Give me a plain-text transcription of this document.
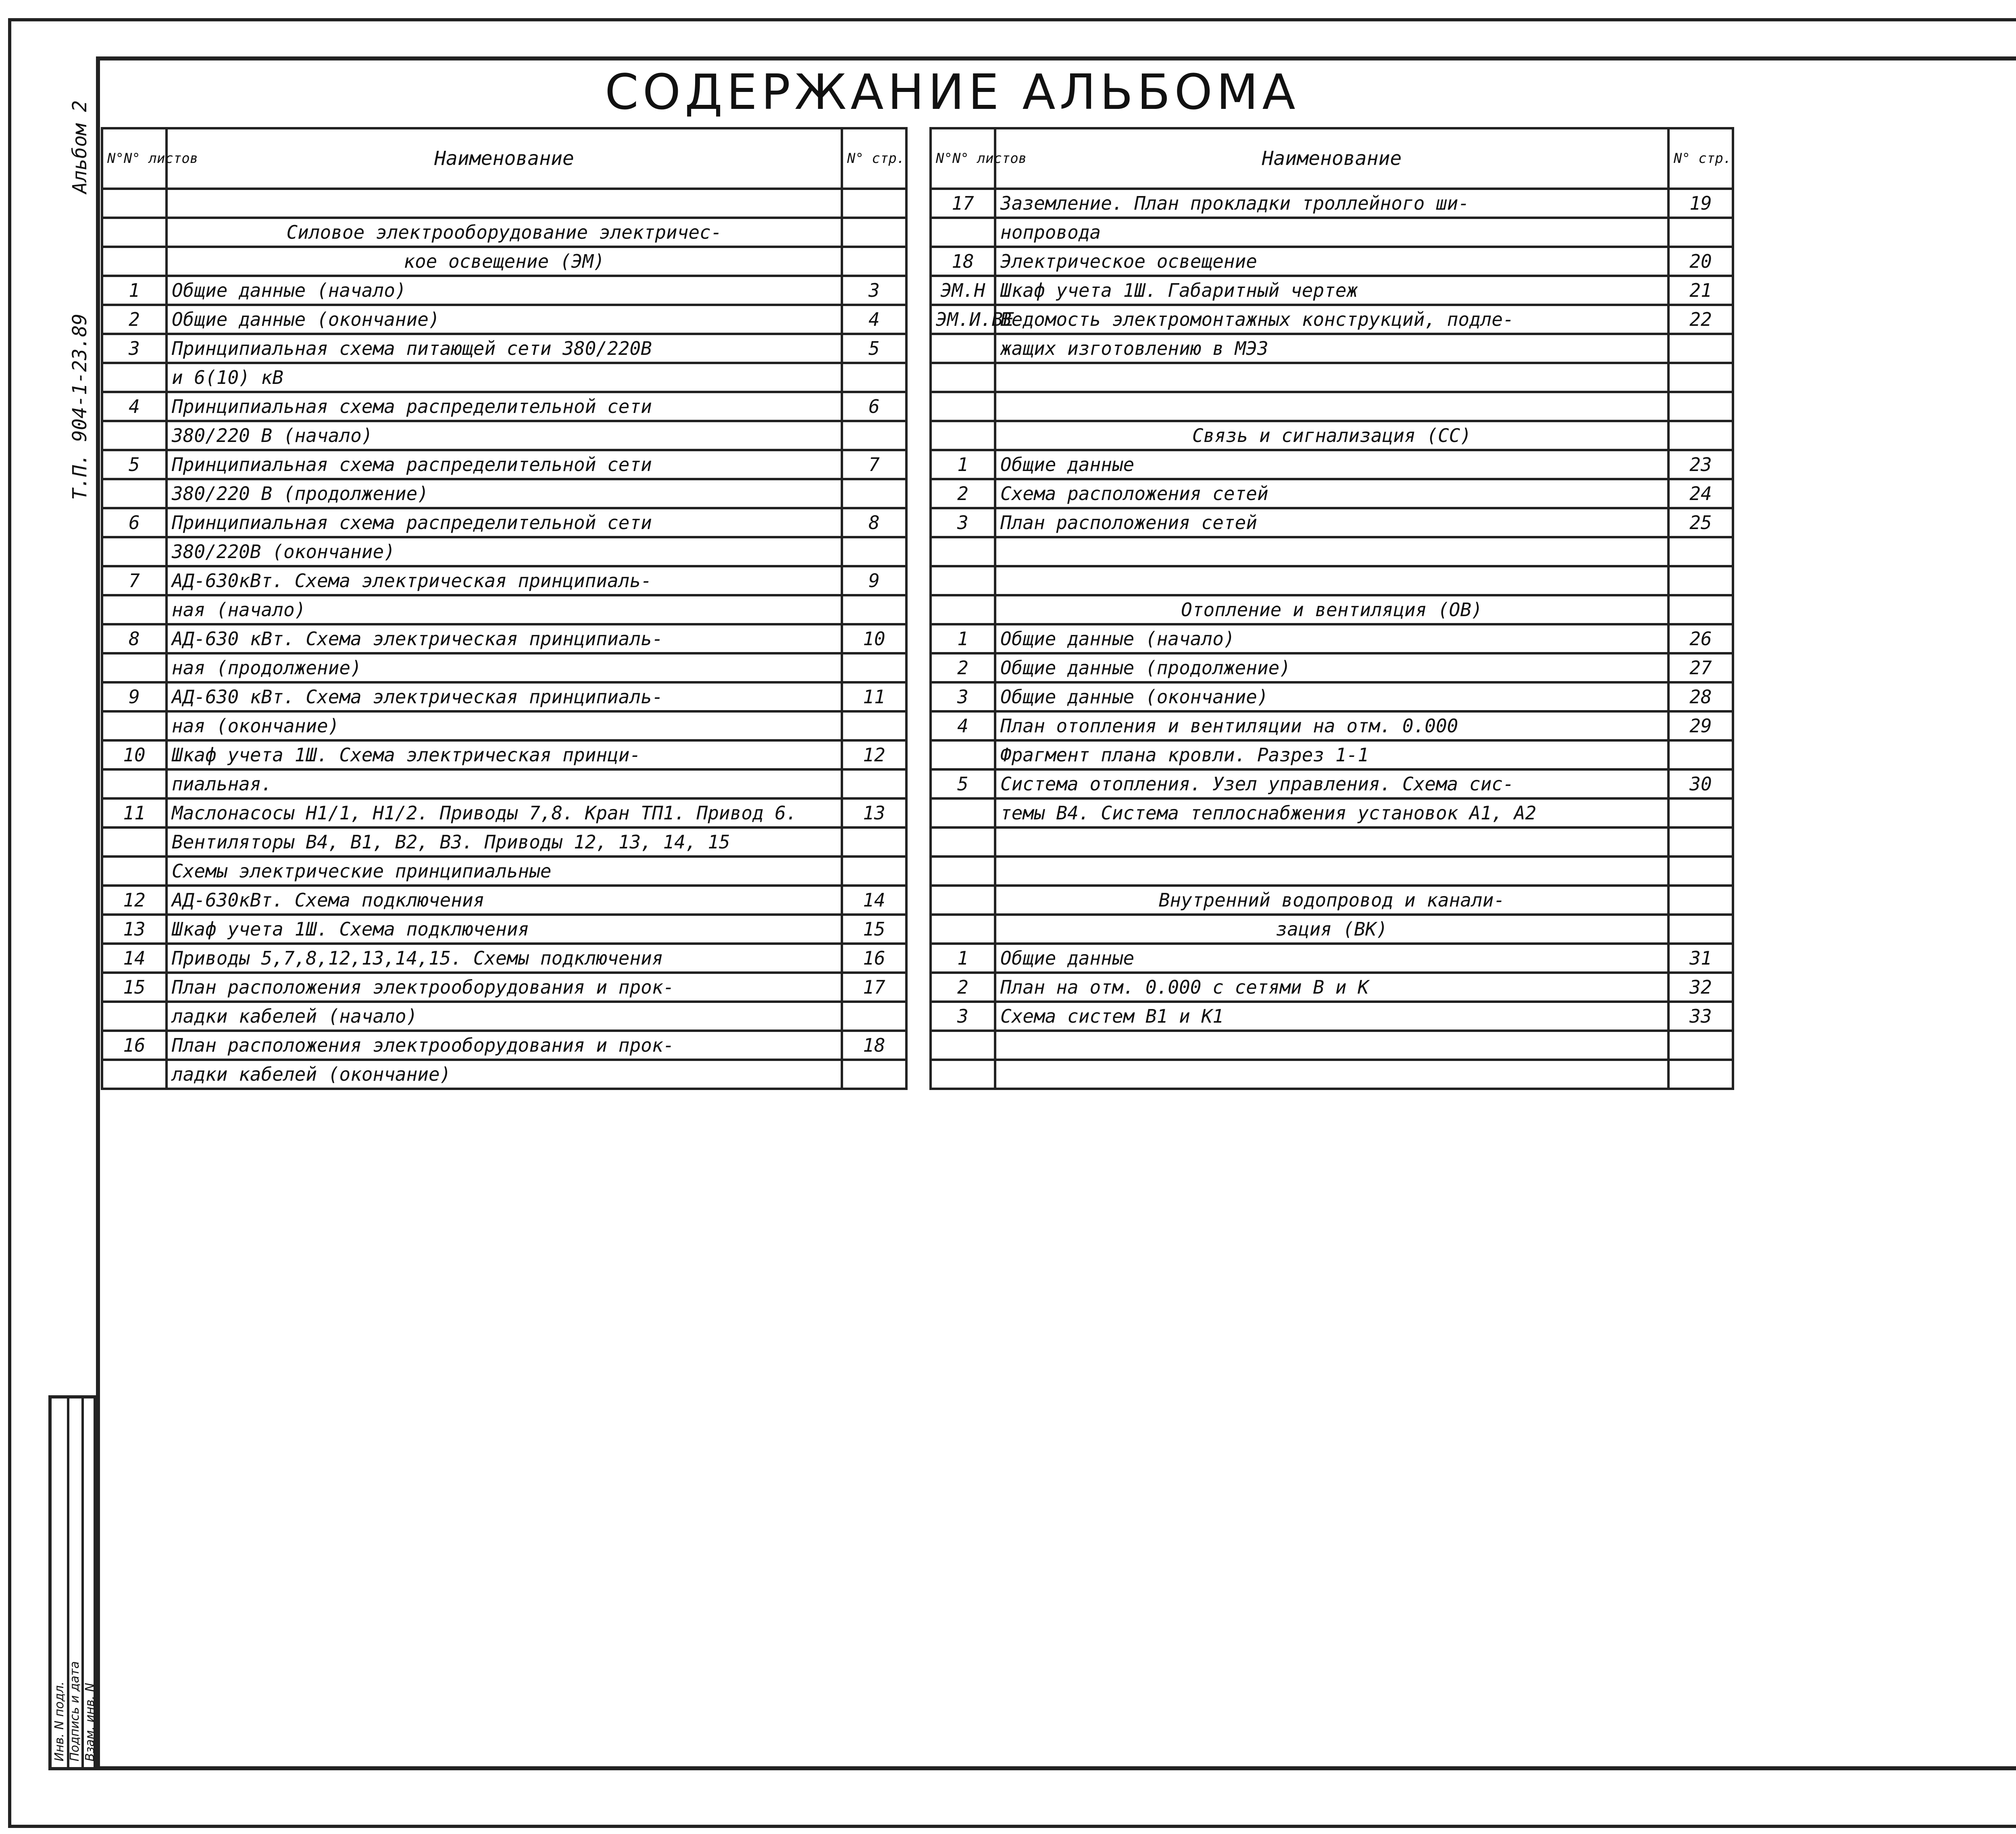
СОДЕРЖАНИЕ АЛЬБОМА
Альбом 2
Т.П. 904-1-23.89
Инв. N подл. Подпись и дата Взам. инв. N
N°N° листов	Наименование	N° стр.

	Силовое электрооборудование электричес-	
	кое освещение (ЭМ)	
1	Общие данные (начало)	3
2	Общие данные (окончание)	4
3	Принципиальная схема питающей сети 380/220В	5
	и 6(10) кВ	
4	Принципиальная схема распределительной сети	6
	380/220 В (начало)	
5	Принципиальная схема распределительной сети	7
	380/220 В (продолжение)	
6	Принципиальная схема распределительной сети	8
	380/220В (окончание)	
7	АД-630кВт. Схема электрическая принципиаль-	9
	ная (начало)	
8	АД-630 кВт. Схема электрическая принципиаль-	10
	ная (продолжение)	
9	АД-630 кВт. Схема электрическая принципиаль-	11
	ная (окончание)	
10	Шкаф учета 1Ш. Схема электрическая принци-	12
	пиальная.	
11	Маслонасосы Н1/1, Н1/2. Приводы 7,8. Кран ТП1. Привод 6.	13
	Вентиляторы В4, В1, В2, В3. Приводы 12, 13, 14, 15	
	Схемы электрические принципиальные	
12	АД-630кВт. Схема подключения	14
13	Шкаф учета 1Ш. Схема подключения	15
14	Приводы 5,7,8,12,13,14,15. Схемы подключения	16
15	План расположения электрооборудования и прок-	17
	ладки кабелей (начало)	
16	План расположения электрооборудования и прок-	18
	ладки кабелей (окончание)	
N°N° листов	Наименование	N° стр.
17	Заземление. План прокладки троллейного ши-	19
	нопровода	
18	Электрическое освещение	20
ЭМ.Н	Шкаф учета 1Ш. Габаритный чертеж	21
ЭМ.И.ВЕ	Ведомость электромонтажных конструкций, подле-	22
	жащих изготовлению в МЭЗ	

	Связь и сигнализация (СС)	
1	Общие данные	23
2	Схема расположения сетей	24
3	План расположения сетей	25

	Отопление и вентиляция (ОВ)	
1	Общие данные (начало)	26
2	Общие данные (продолжение)	27
3	Общие данные (окончание)	28
4	План отопления и вентиляции на отм. 0.000	29
	Фрагмент плана кровли. Разрез 1-1	
5	Система отопления. Узел управления. Схема сис-	30
	темы В4. Система теплоснабжения установок А1, А2	

	Внутренний водопровод и канали-	
	зация (ВК)	
1	Общие данные	31
2	План на отм. 0.000 с сетями В и К	32
3	Схема систем В1 и К1	33
